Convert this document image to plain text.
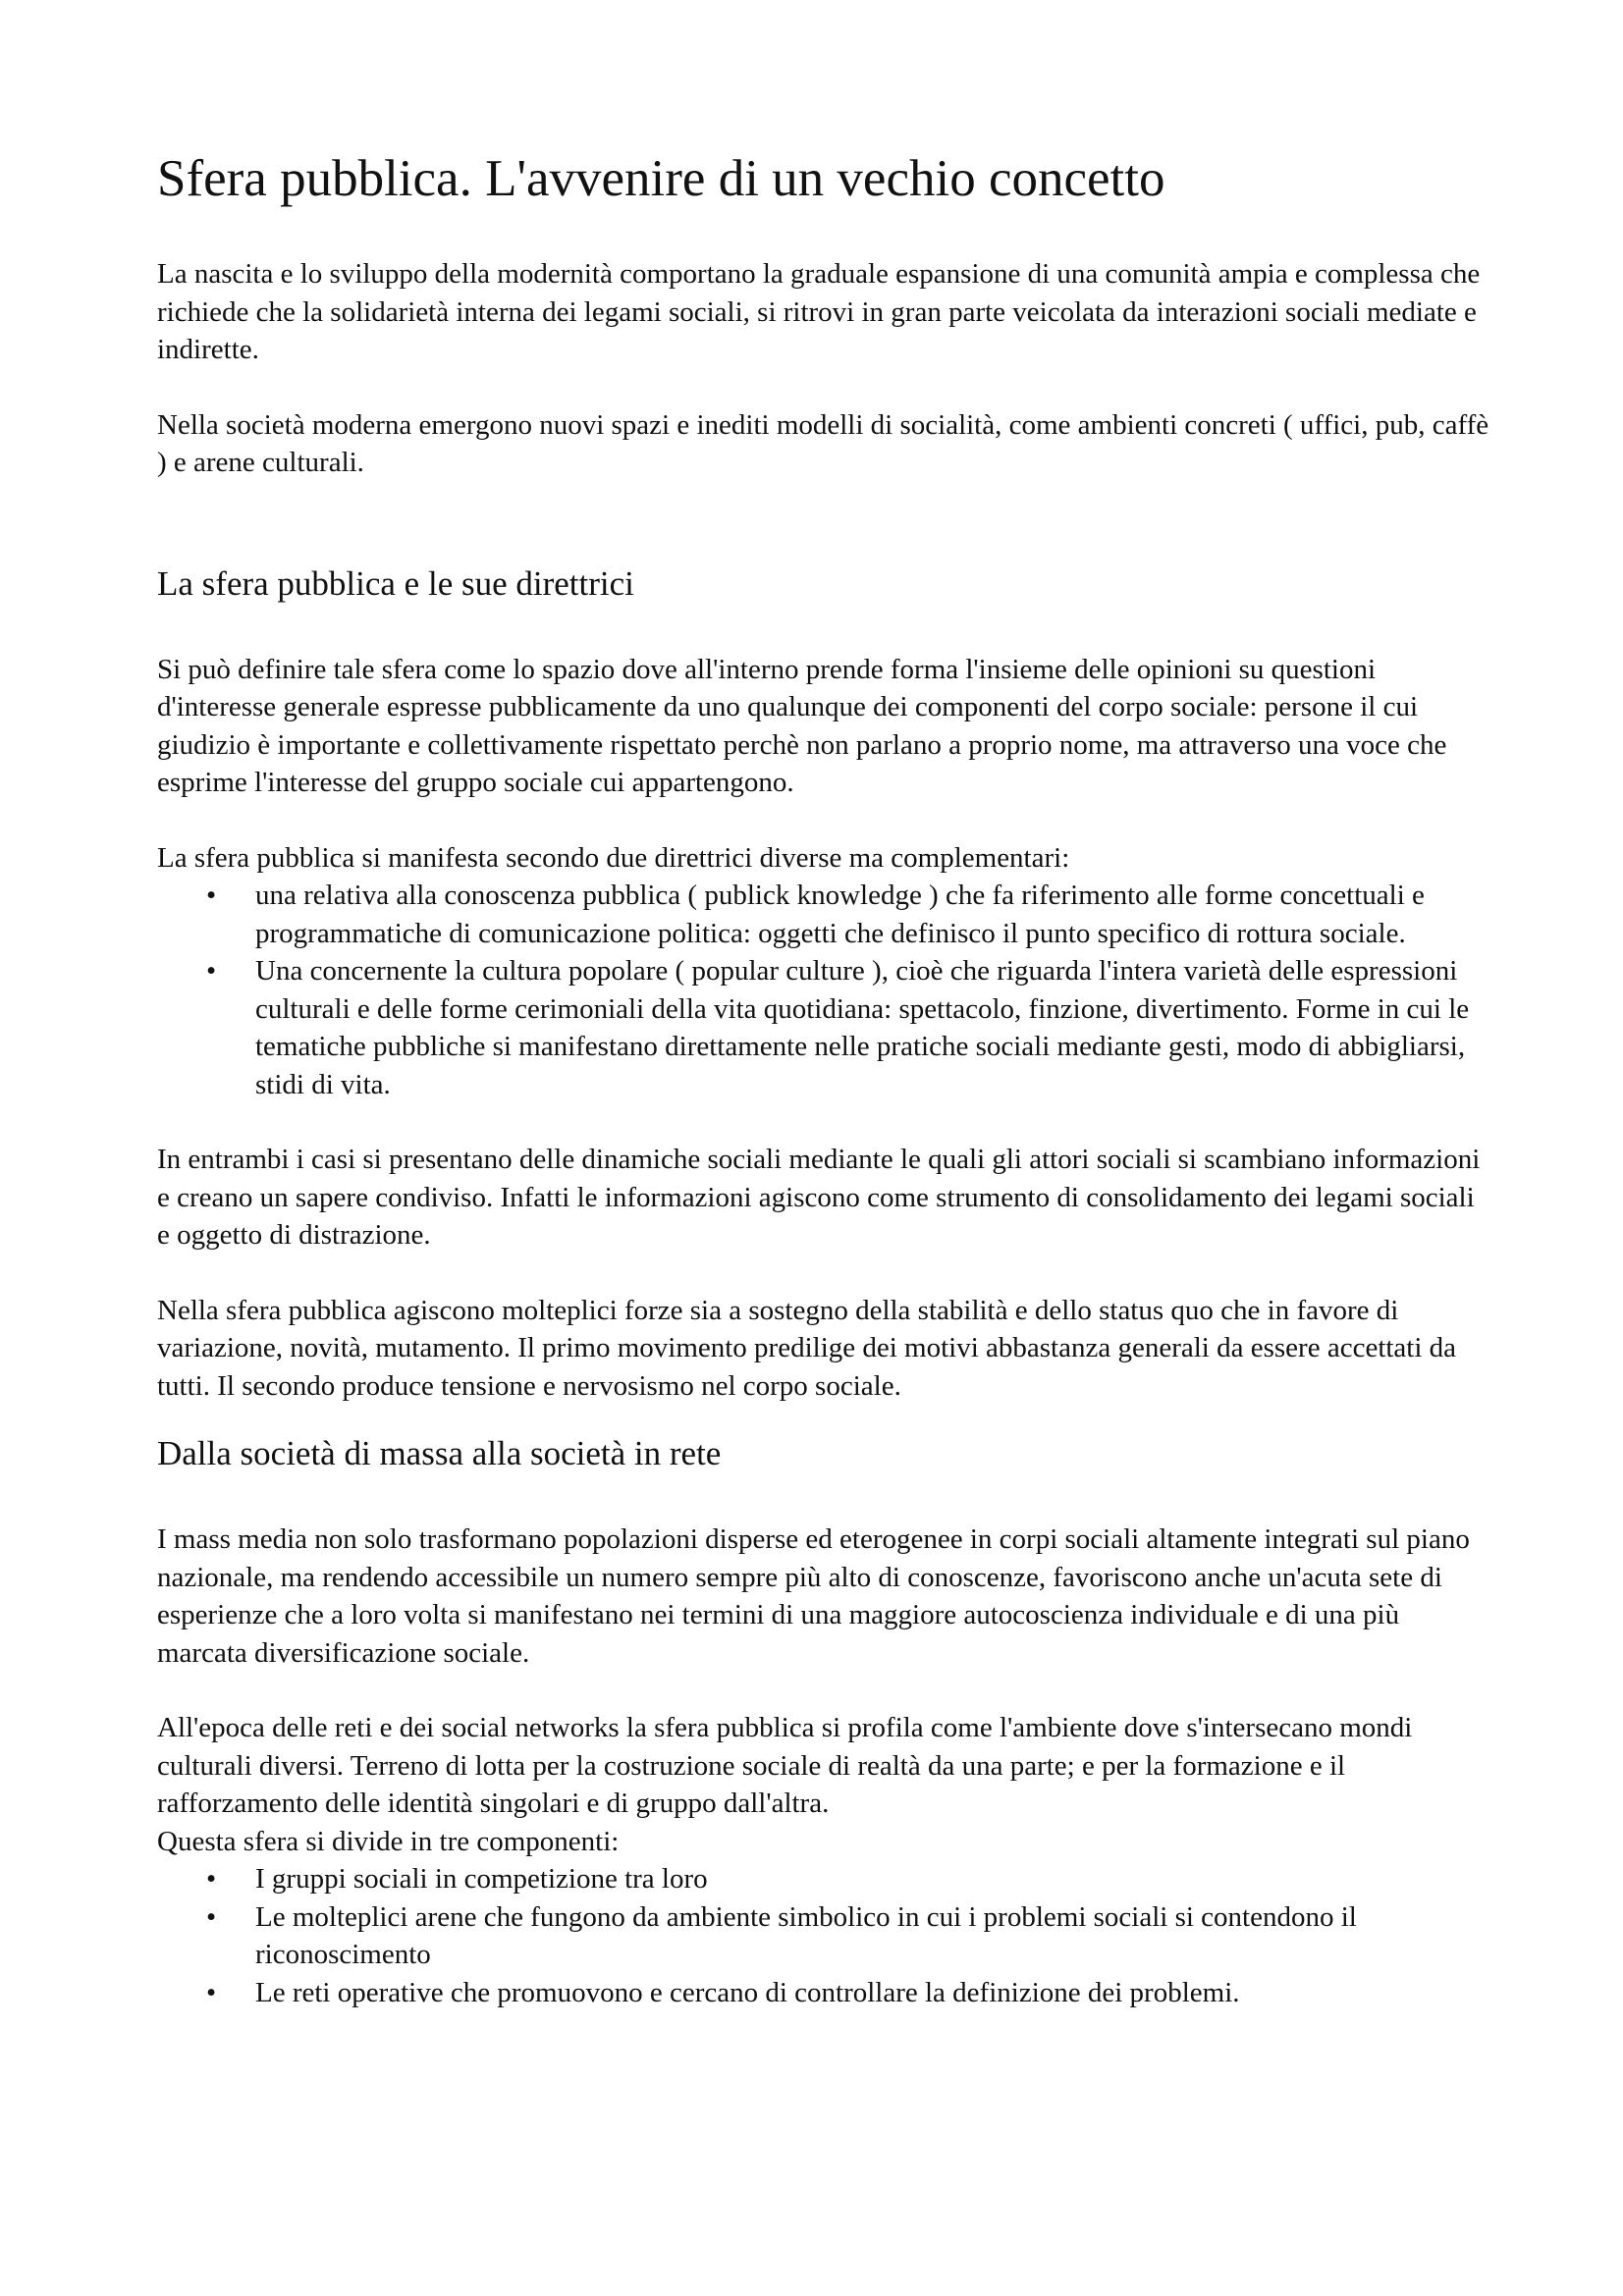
Sfera pubblica. L'avvenire di un vechio concetto

La nascita e lo sviluppo della modernità comportano la graduale espansione di una comunità ampia e complessa che richiede che la solidarietà interna dei legami sociali, si ritrovi in gran parte veicolata da interazioni sociali mediate e indirette.

Nella società moderna emergono nuovi spazi e inediti modelli di socialità, come ambienti concreti ( uffici, pub, caffè ) e arene culturali.

La sfera pubblica e le sue direttrici

Si può definire tale sfera come lo spazio dove all'interno prende forma l'insieme delle opinioni su questioni d'interesse generale espresse pubblicamente da uno qualunque dei componenti del corpo sociale: persone il cui giudizio è importante e collettivamente rispettato perchè non parlano a proprio nome, ma attraverso una voce che esprime l'interesse del gruppo sociale cui appartengono.

La sfera pubblica si manifesta secondo due direttrici diverse ma complementari:

• una relativa alla conoscenza pubblica ( publick knowledge ) che fa riferimento alle forme concettuali e programmatiche di comunicazione politica: oggetti che definisco il punto specifico di rottura sociale.
• Una concernente la cultura popolare ( popular culture ), cioè che riguarda l'intera varietà delle espressioni culturali e delle forme cerimoniali della vita quotidiana: spettacolo, finzione, divertimento. Forme in cui le tematiche pubbliche si manifestano direttamente nelle pratiche sociali mediante gesti, modo di abbigliarsi, stidi di vita.

In entrambi i casi si presentano delle dinamiche sociali mediante le quali gli attori sociali si scambiano informazioni e creano un sapere condiviso. Infatti le informazioni agiscono come strumento di consolidamento dei legami sociali e oggetto di distrazione.

Nella sfera pubblica agiscono molteplici forze sia a sostegno della stabilità e dello status quo che in favore di variazione, novità, mutamento. Il primo movimento predilige dei motivi abbastanza generali da essere accettati da tutti. Il secondo produce tensione e nervosismo nel corpo sociale.

Dalla società di massa alla società in rete

I mass media non solo trasformano popolazioni disperse ed eterogenee in corpi sociali altamente integrati sul piano nazionale, ma rendendo accessibile un numero sempre più alto di conoscenze, favoriscono anche un'acuta sete di esperienze che a loro volta si manifestano nei termini di una maggiore autocoscienza individuale e di una più marcata diversificazione sociale.

All'epoca delle reti e dei social networks la sfera pubblica si profila come l'ambiente dove s'intersecano mondi culturali diversi. Terreno di lotta per la costruzione sociale di realtà da una parte; e per la formazione e il rafforzamento delle identità singolari e di gruppo dall'altra.

Questa sfera si divide in tre componenti:

• I gruppi sociali in competizione tra loro
• Le molteplici arene che fungono da ambiente simbolico in cui i problemi sociali si contendono il riconoscimento
• Le reti operative che promuovono e cercano di controllare la definizione dei problemi.
